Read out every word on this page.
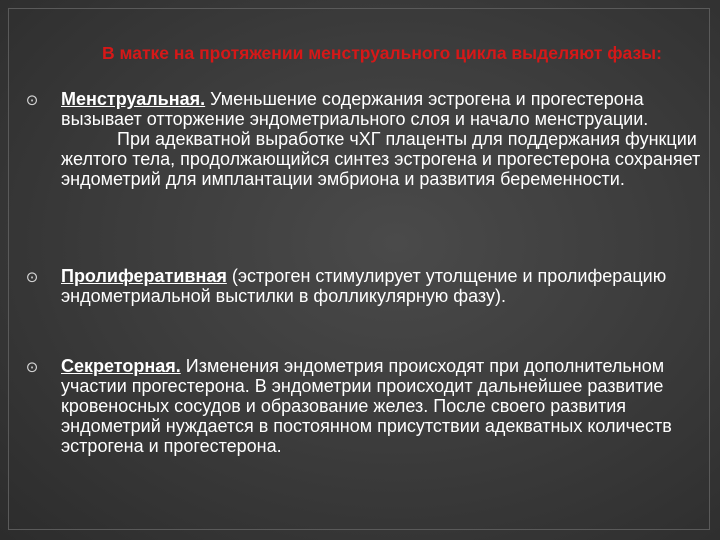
В матке на протяжении менструального цикла выделяют фазы:
⊙	Менструальная. Уменьшение содержания эстрогена и прогестерона вызывает отторжение эндометриального слоя и начало менструации.
При адекватной выработке чХГ плаценты для поддержания функции желтого тела, продолжающийся синтез эстрогена и прогестерона сохраняет эндометрий для имплантации эмбриона и развития беременности.
⊙	Пролиферативная (эстроген стимулирует утолщение и пролиферацию эндометриальной выстилки в фолликулярную фазу).
⊙	Секреторная. Изменения эндометрия происходят при дополнительном участии прогестерона. В эндометрии происходит дальнейшее развитие кровеносных сосудов и образование желез. После своего развития эндометрий нуждается в постоянном присутствии адекватных количеств эстрогена и прогестерона.
